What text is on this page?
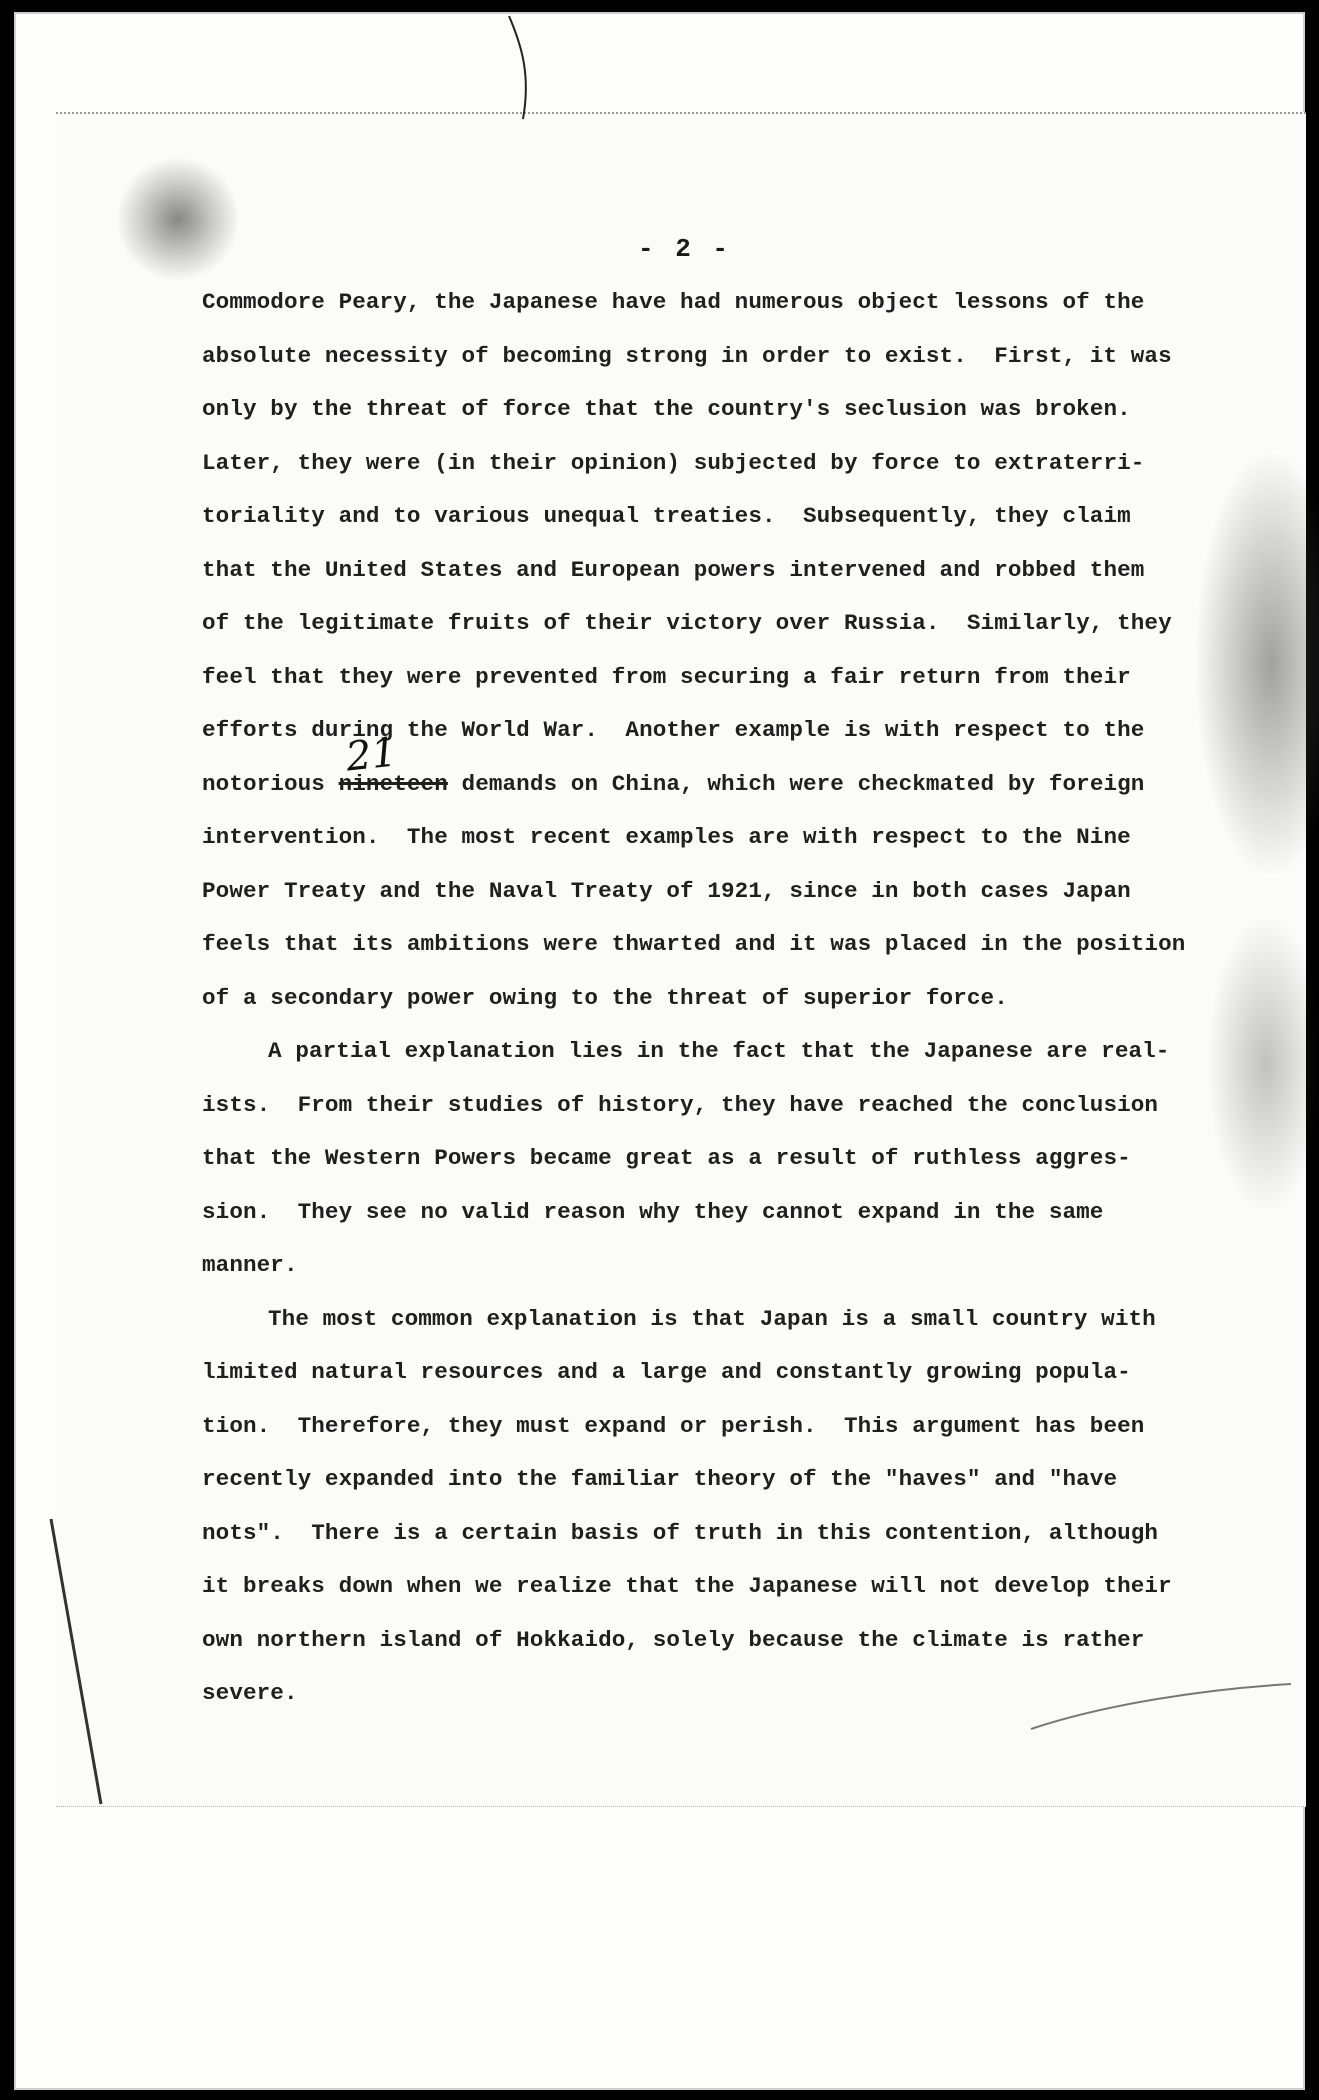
- 2 -

Commodore Peary, the Japanese have had numerous object lessons of the

absolute necessity of becoming strong in order to exist.  First, it was

only by the threat of force that the country's seclusion was broken.

Later, they were (in their opinion) subjected by force to extraterri-

toriality and to various unequal treaties.  Subsequently, they claim

that the United States and European powers intervened and robbed them

of the legitimate fruits of their victory over Russia.  Similarly, they

feel that they were prevented from securing a fair return from their

efforts during the World War.  Another example is with respect to the

notorious nineteen demands on China, which were checkmated by foreign

intervention.  The most recent examples are with respect to the Nine

Power Treaty and the Naval Treaty of 1921, since in both cases Japan

feels that its ambitions were thwarted and it was placed in the position

of a secondary power owing to the threat of superior force.

A partial explanation lies in the fact that the Japanese are real-

ists.  From their studies of history, they have reached the conclusion

that the Western Powers became great as a result of ruthless aggres-

sion.  They see no valid reason why they cannot expand in the same

manner.

The most common explanation is that Japan is a small country with

limited natural resources and a large and constantly growing popula-

tion.  Therefore, they must expand or perish.  This argument has been

recently expanded into the familiar theory of the "haves" and "have

nots".  There is a certain basis of truth in this contention, although

it breaks down when we realize that the Japanese will not develop their

own northern island of Hokkaido, solely because the climate is rather

severe.

21
